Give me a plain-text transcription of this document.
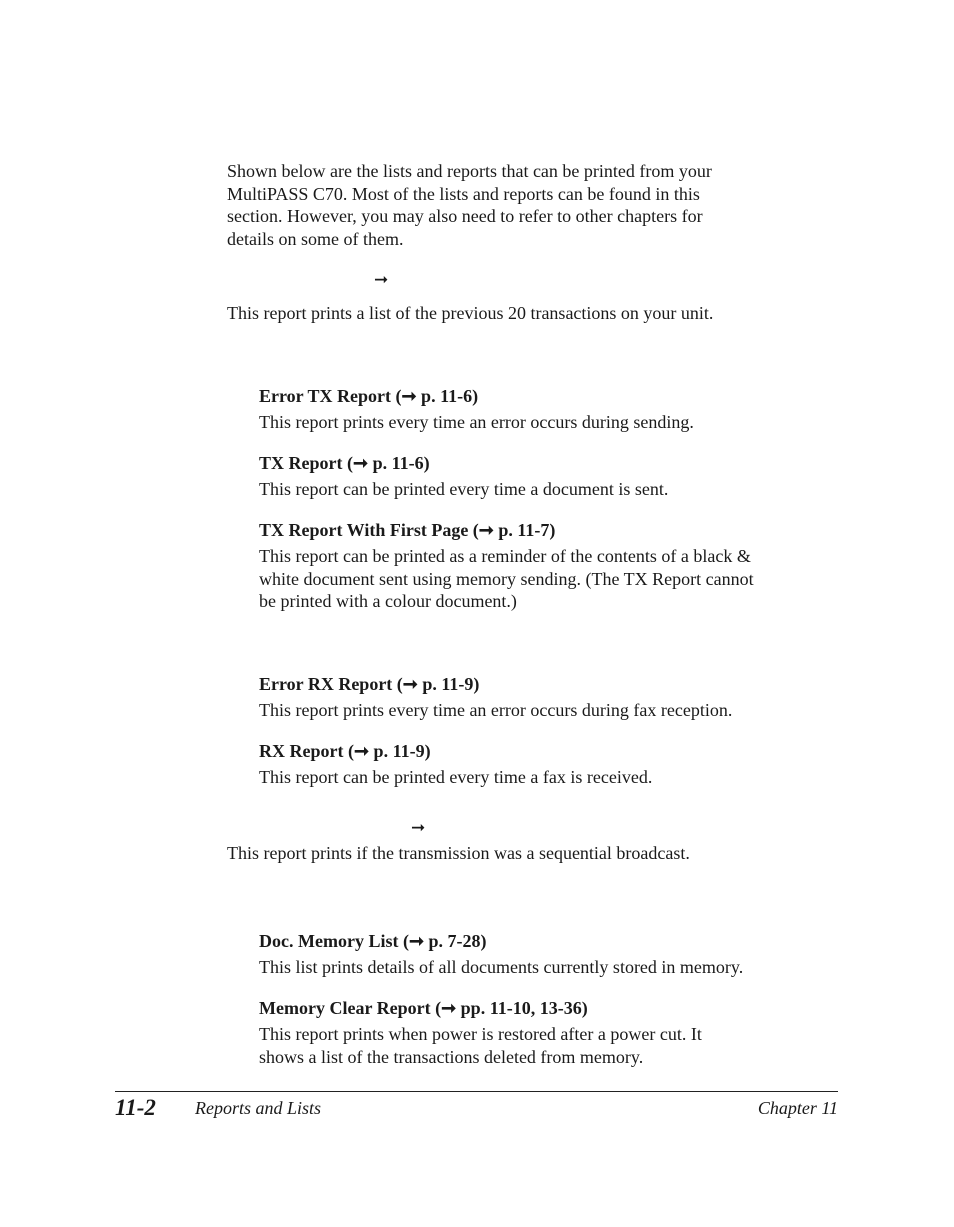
Shown below are the lists and reports that can be printed from your

MultiPASS C70. Most of the lists and reports can be found in this

section. However, you may also need to refer to other chapters for

details on some of them.

➞

This report prints a list of the previous 20 transactions on your unit.

Error TX Report (➞ p. 11-6)

This report prints every time an error occurs during sending.

TX Report (➞ p. 11-6)

This report can be printed every time a document is sent.

TX Report With First Page (➞ p. 11-7)

This report can be printed as a reminder of the contents of a black &

white document sent using memory sending. (The TX Report cannot

be printed with a colour document.)

Error RX Report (➞ p. 11-9)

This report prints every time an error occurs during fax reception.

RX Report (➞ p. 11-9)

This report can be printed every time a fax is received.

➞

This report prints if the transmission was a sequential broadcast.

Doc. Memory List (➞ p. 7-28)

This list prints details of all documents currently stored in memory.

Memory Clear Report (➞ pp. 11-10, 13-36)

This report prints when power is restored after a power cut. It

shows a list of the transactions deleted from memory.

11-2 Reports and Lists	Chapter 11
